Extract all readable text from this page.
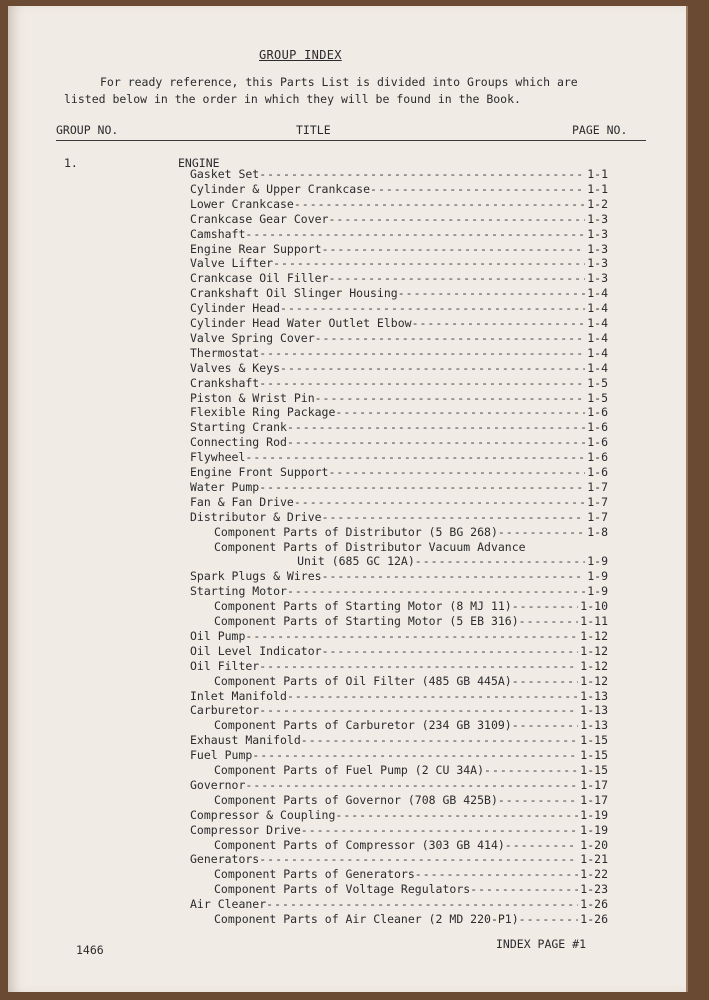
GROUP INDEX
For ready reference, this Parts List is divided into Groups which are
listed below in the order in which they will be found in the Book.
GROUP NO.	TITLE	PAGE NO.
1.	ENGINE
Gasket Set -----	1-1
Cylinder & Upper Crankcase -----	1-1
Lower Crankcase -----	1-2
Crankcase Gear Cover -----	1-3
Camshaft -----	1-3
Engine Rear Support -----	1-3
Valve Lifter -----	1-3
Crankcase Oil Filler -----	1-3
Crankshaft Oil Slinger Housing -----	1-4
Cylinder Head -----	1-4
Cylinder Head Water Outlet Elbow -----	1-4
Valve Spring Cover -----	1-4
Thermostat -----	1-4
Valves & Keys -----	1-4
Crankshaft -----	1-5
Piston & Wrist Pin -----	1-5
Flexible Ring Package -----	1-6
Starting Crank -----	1-6
Connecting Rod -----	1-6
Flywheel -----	1-6
Engine Front Support -----	1-6
Water Pump -----	1-7
Fan & Fan Drive -----	1-7
Distributor & Drive -----	1-7
Component Parts of Distributor (5 BG 268) -----	1-8
Component Parts of Distributor Vacuum Advance
Unit (685 GC 12A) -----	1-9
Spark Plugs & Wires -----	1-9
Starting Motor -----	1-9
Component Parts of Starting Motor (8 MJ 11) -----	1-10
Component Parts of Starting Motor (5 EB 316) -----	1-11
Oil Pump -----	1-12
Oil Level Indicator -----	1-12
Oil Filter -----	1-12
Component Parts of Oil Filter (485 GB 445A) -----	1-12
Inlet Manifold -----	1-13
Carburetor -----	1-13
Component Parts of Carburetor (234 GB 3109) -----	1-13
Exhaust Manifold -----	1-15
Fuel Pump -----	1-15
Component Parts of Fuel Pump (2 CU 34A) -----	1-15
Governor -----	1-17
Component Parts of Governor (708 GB 425B) -----	1-17
Compressor & Coupling -----	1-19
Compressor Drive -----	1-19
Component Parts of Compressor (303 GB 414) -----	1-20
Generators -----	1-21
Component Parts of Generators -----	1-22
Component Parts of Voltage Regulators -----	1-23
Air Cleaner -----	1-26
Component Parts of Air Cleaner (2 MD 220-P1) -----	1-26
1466	INDEX PAGE #1
